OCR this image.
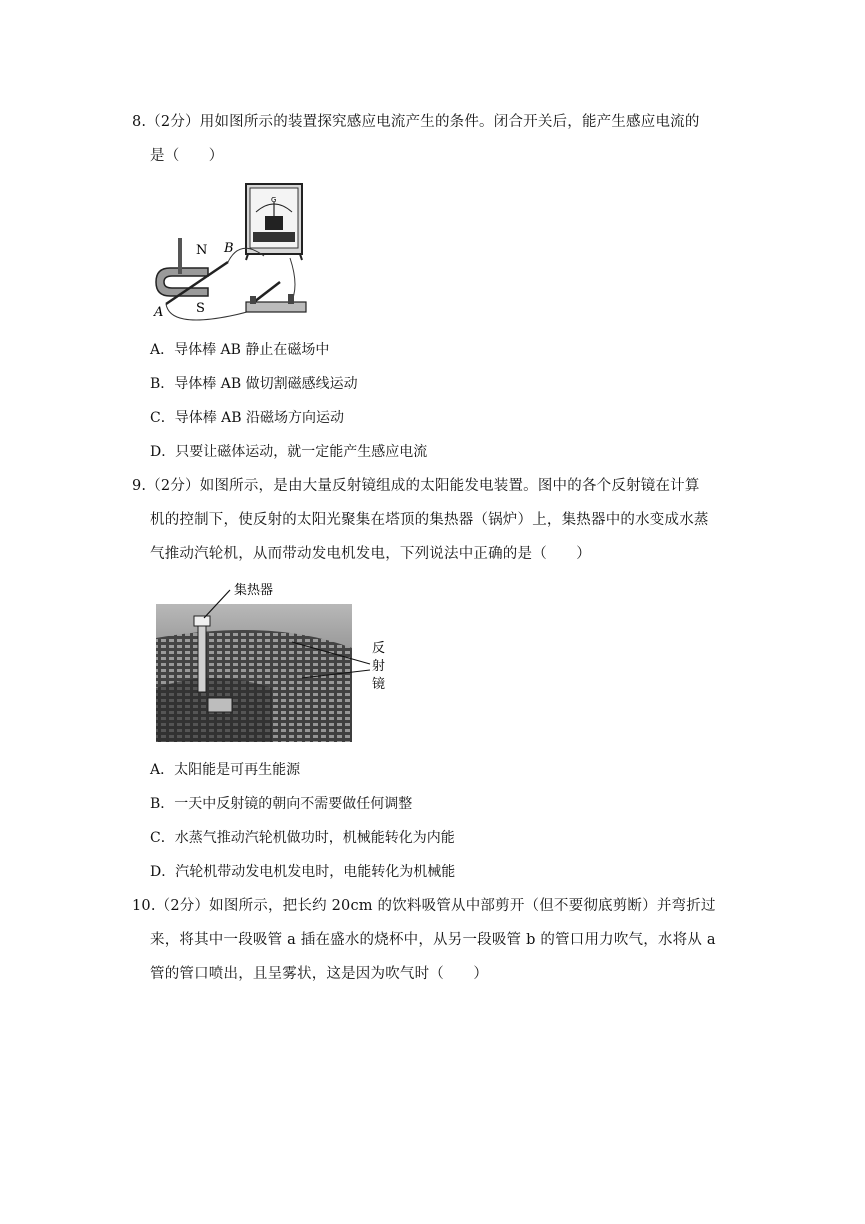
8.（2分）用如图所示的装置探究感应电流产生的条件。闭合开关后，能产生感应电流的
是（　　）
G
N
S
A
B
A．导体棒 AB 静止在磁场中
B．导体棒 AB 做切割磁感线运动
C．导体棒 AB 沿磁场方向运动
D．只要让磁体运动，就一定能产生感应电流
9.（2分）如图所示，是由大量反射镜组成的太阳能发电装置。图中的各个反射镜在计算
机的控制下，使反射的太阳光聚集在塔顶的集热器（锅炉）上，集热器中的水变成水蒸
气推动汽轮机，从而带动发电机发电，下列说法中正确的是（　　）
集热器
反
射
镜
A．太阳能是可再生能源
B．一天中反射镜的朝向不需要做任何调整
C．水蒸气推动汽轮机做功时，机械能转化为内能
D．汽轮机带动发电机发电时，电能转化为机械能
10.（2分）如图所示，把长约 20cm 的饮料吸管从中部剪开（但不要彻底剪断）并弯折过
来，将其中一段吸管 a 插在盛水的烧杯中，从另一段吸管 b 的管口用力吹气，水将从 a
管的管口喷出，且呈雾状，这是因为吹气时（　　）
